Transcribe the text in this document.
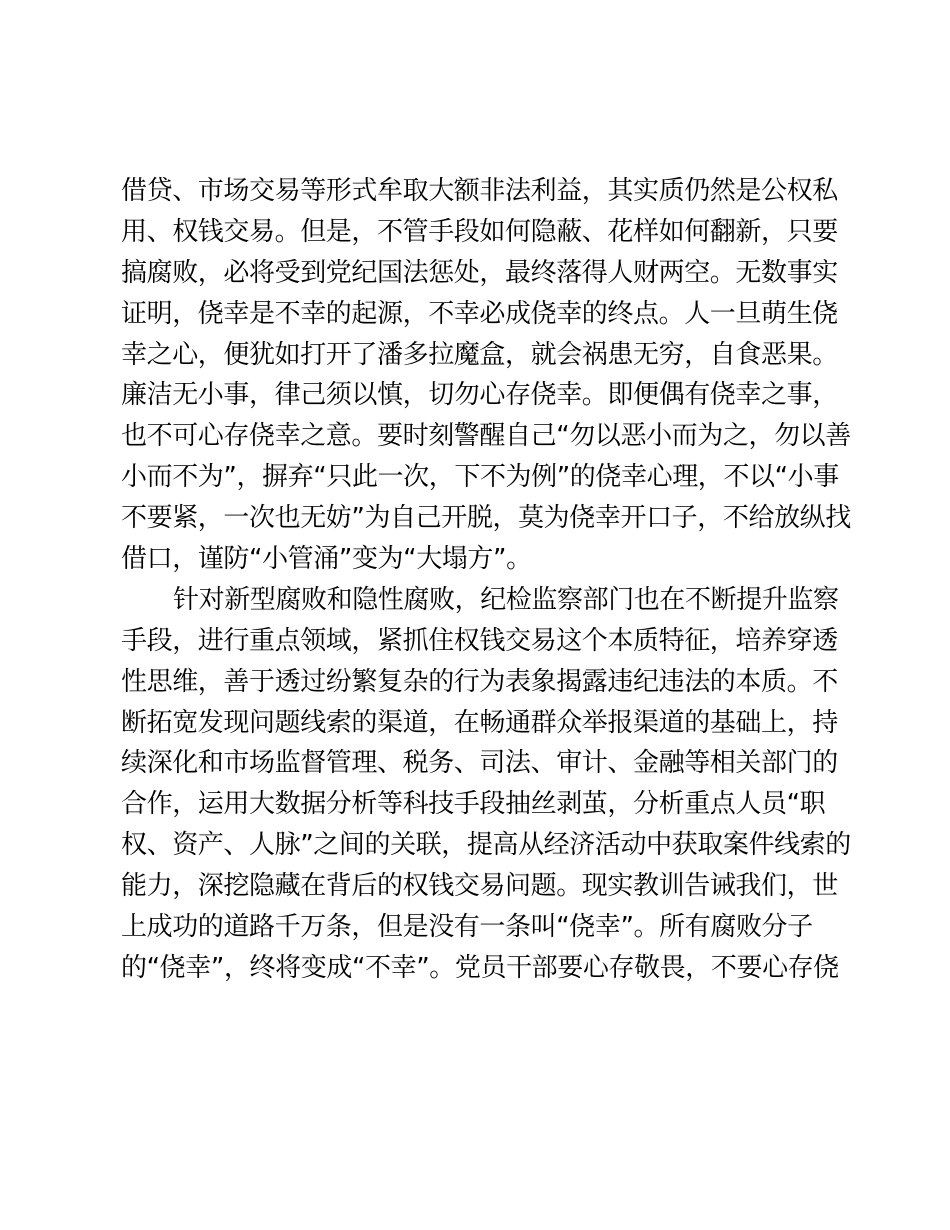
借贷、市场交易等形式牟取大额非法利益，其实质仍然是公权私
用、权钱交易。但是，不管手段如何隐蔽、花样如何翻新，只要
搞腐败，必将受到党纪国法惩处，最终落得人财两空。无数事实
证明，侥幸是不幸的起源，不幸必成侥幸的终点。人一旦萌生侥
幸之心，便犹如打开了潘多拉魔盒，就会祸患无穷，自食恶果。
廉洁无小事，律己须以慎，切勿心存侥幸。即便偶有侥幸之事，
也不可心存侥幸之意。要时刻警醒自己“勿以恶小而为之，勿以善
小而不为”，摒弃“只此一次，下不为例”的侥幸心理，不以“小事
不要紧，一次也无妨”为自己开脱，莫为侥幸开口子，不给放纵找
借口，谨防“小管涌”变为“大塌方”。
针对新型腐败和隐性腐败，纪检监察部门也在不断提升监察
手段，进行重点领域，紧抓住权钱交易这个本质特征，培养穿透
性思维，善于透过纷繁复杂的行为表象揭露违纪违法的本质。不
断拓宽发现问题线索的渠道，在畅通群众举报渠道的基础上，持
续深化和市场监督管理、税务、司法、审计、金融等相关部门的
合作，运用大数据分析等科技手段抽丝剥茧，分析重点人员“职
权、资产、人脉”之间的关联，提高从经济活动中获取案件线索的
能力，深挖隐藏在背后的权钱交易问题。现实教训告诫我们，世
上成功的道路千万条，但是没有一条叫“侥幸”。所有腐败分子
的“侥幸”，终将变成“不幸”。党员干部要心存敬畏，不要心存侥
